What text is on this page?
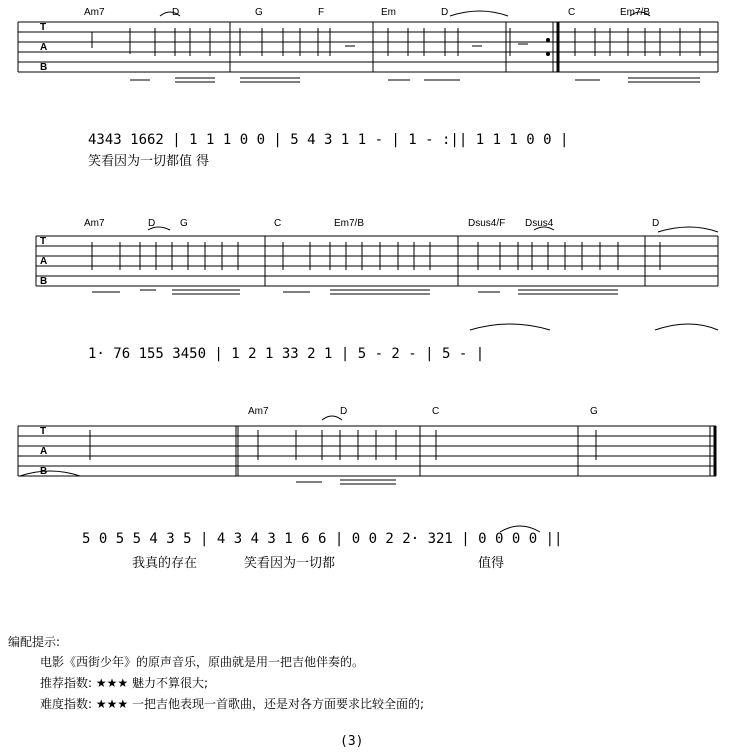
T
A
B
Am7	D	G	F	Em	D	C	Em7/B
4343 1662 | 1 1 1 0 0 | 5 4 3 1 1 - | 1 - :|| 1 1 1 0 0 |
笑看因为一切都值 得
T
A
B
Am7	D G	C	Em7/B	Dsus4/F Dsus4	D
1· 76 155 3450 | 1 2 1 33 2 1 | 5 - 2 - | 5 - |
T
A
B
Am7	D	C	G
5 0 5 5 4 3 5 | 4 3 4 3 1 6 6 | 0 0 2 2· 321 | 0 0 0 0 ||
我真的存在	笑看因为一切都	值得
编配提示:
电影《西街少年》的原声音乐，原曲就是用一把吉他伴奏的。
推荐指数: ★★★ 魅力不算很大;
难度指数: ★★★ 一把吉他表现一首歌曲，还是对各方面要求比较全面的;
(3)
